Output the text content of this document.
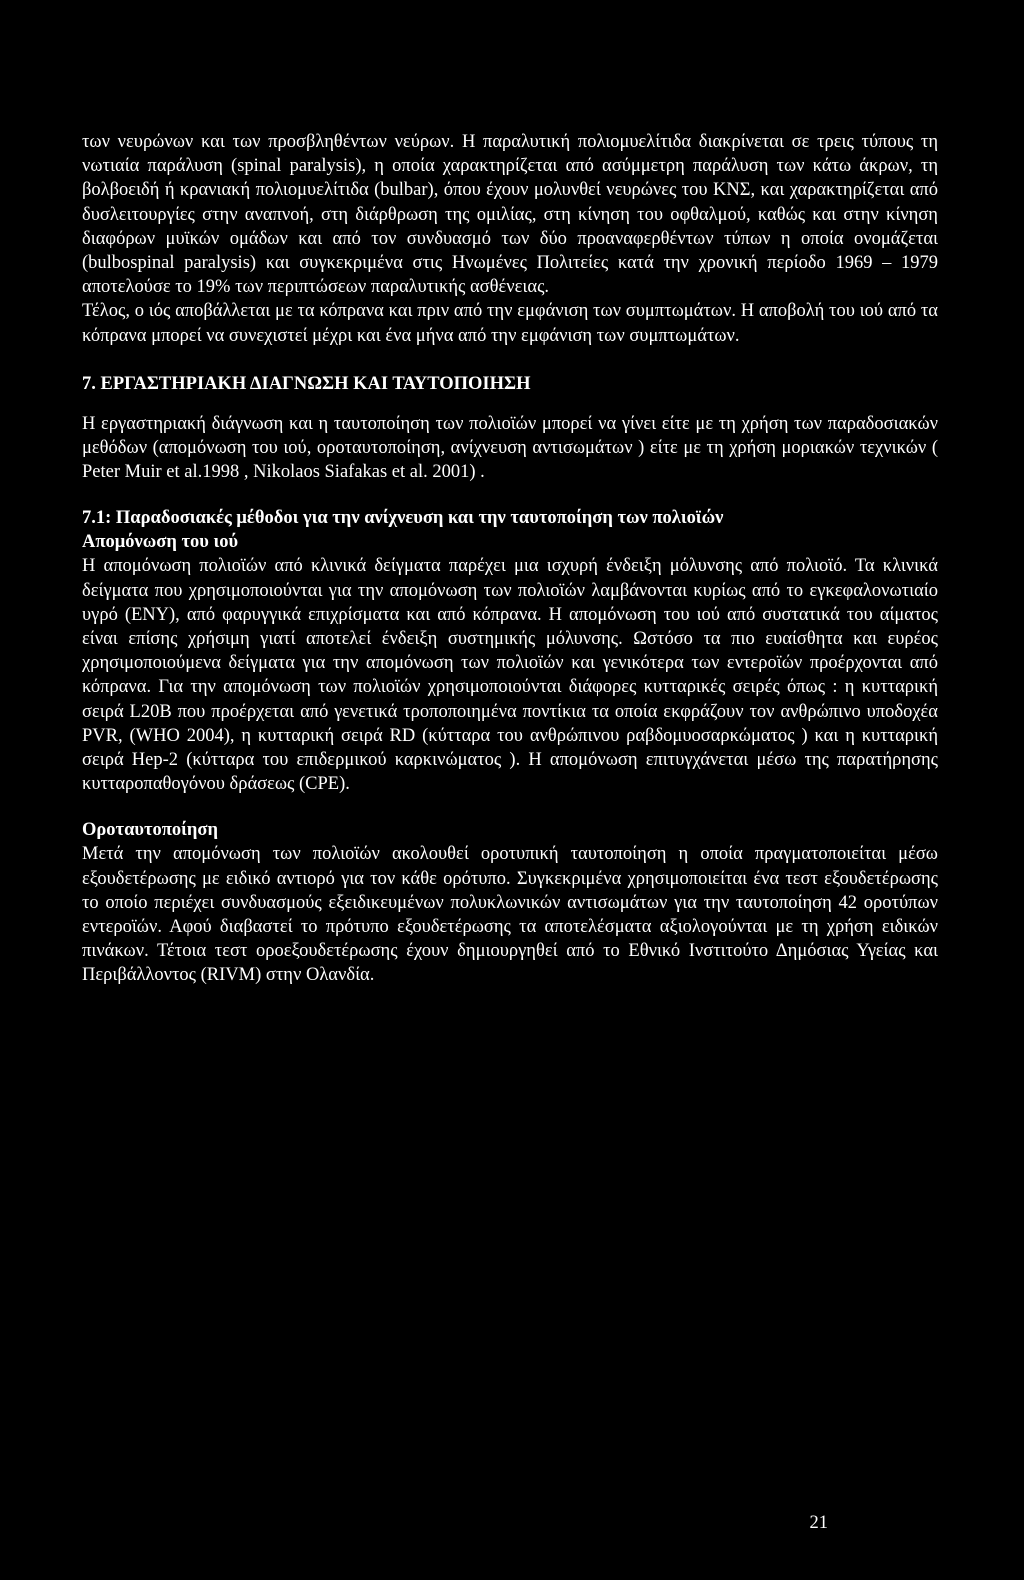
των νευρώνων και των προσβληθέντων νεύρων. Η παραλυτική πολιομυελίτιδα διακρίνεται σε τρεις τύπους τη νωτιαία παράλυση (spinal paralysis), η οποία χαρακτηρίζεται από ασύμμετρη παράλυση των κάτω άκρων, τη βολβοειδή ή κρανιακή πολιομυελίτιδα (bulbar), όπου έχουν μολυνθεί νευρώνες του ΚΝΣ, και χαρακτηρίζεται από δυσλειτουργίες στην αναπνοή, στη διάρθρωση της ομιλίας, στη κίνηση του οφθαλμού, καθώς και στην κίνηση διαφόρων μυϊκών ομάδων και από τον συνδυασμό των δύο προαναφερθέντων τύπων η οποία ονομάζεται (bulbospinal paralysis) και συγκεκριμένα στις Ηνωμένες Πολιτείες κατά την χρονική περίοδο 1969 – 1979 αποτελούσε το 19% των περιπτώσεων παραλυτικής ασθένειας.

Τέλος, ο ιός αποβάλλεται με τα κόπρανα και πριν από την εμφάνιση των συμπτωμάτων. Η αποβολή του ιού από τα κόπρανα μπορεί να συνεχιστεί μέχρι και ένα μήνα από την εμφάνιση των συμπτωμάτων.

7. ΕΡΓΑΣΤΗΡΙΑΚΗ ΔΙΑΓΝΩΣΗ ΚΑΙ ΤΑΥΤΟΠΟΙΗΣΗ

Η εργαστηριακή διάγνωση και η ταυτοποίηση των πολιοϊών μπορεί να γίνει είτε με τη χρήση των παραδοσιακών μεθόδων (απομόνωση του ιού, οροταυτοποίηση, ανίχνευση αντισωμάτων ) είτε με τη χρήση μοριακών τεχνικών ( Peter Muir et al.1998 , Nikolaos Siafakas et al. 2001) .

7.1: Παραδοσιακές μέθοδοι για την ανίχνευση και την ταυτοποίηση των πολιοϊών

Απομόνωση του ιού

Η απομόνωση πολιοϊών από κλινικά δείγματα παρέχει μια ισχυρή ένδειξη μόλυνσης από πολιοϊό. Τα κλινικά δείγματα που χρησιμοποιούνται για την απομόνωση των πολιοϊών λαμβάνονται κυρίως από το εγκεφαλονωτιαίο υγρό (ΕΝΥ), από φαρυγγικά επιχρίσματα και από κόπρανα. Η απομόνωση του ιού από συστατικά του αίματος είναι επίσης χρήσιμη γιατί αποτελεί ένδειξη συστημικής μόλυνσης. Ωστόσο τα πιο ευαίσθητα και ευρέος χρησιμοποιούμενα δείγματα για την απομόνωση των πολιοϊών και γενικότερα των εντεροϊών προέρχονται από κόπρανα. Για την απομόνωση των πολιοϊών χρησιμοποιούνται διάφορες κυτταρικές σειρές όπως : η κυτταρική σειρά L20B που προέρχεται από γενετικά τροποποιημένα ποντίκια τα οποία εκφράζουν τον ανθρώπινο υποδοχέα PVR, (WHO 2004), η κυτταρική σειρά RD (κύτταρα του ανθρώπινου ραβδομυοσαρκώματος ) και η κυτταρική σειρά Hep-2 (κύτταρα του επιδερμικού καρκινώματος ). Η απομόνωση επιτυγχάνεται μέσω της παρατήρησης κυτταροπαθογόνου δράσεως (CPE).

Οροταυτοποίηση

Μετά την απομόνωση των πολιοϊών ακολουθεί οροτυπική ταυτοποίηση η οποία πραγματοποιείται μέσω εξουδετέρωσης με ειδικό αντιορό για τον κάθε ορότυπο. Συγκεκριμένα χρησιμοποιείται ένα τεστ εξουδετέρωσης το οποίο περιέχει συνδυασμούς εξειδικευμένων πολυκλωνικών αντισωμάτων για την ταυτοποίηση 42 οροτύπων εντεροϊών. Αφού διαβαστεί το πρότυπο εξουδετέρωσης τα αποτελέσματα αξιολογούνται με τη χρήση ειδικών πινάκων. Τέτοια τεστ οροεξουδετέρωσης έχουν δημιουργηθεί από το Εθνικό Ινστιτούτο Δημόσιας Υγείας και Περιβάλλοντος (RIVM) στην Ολανδία.

21
